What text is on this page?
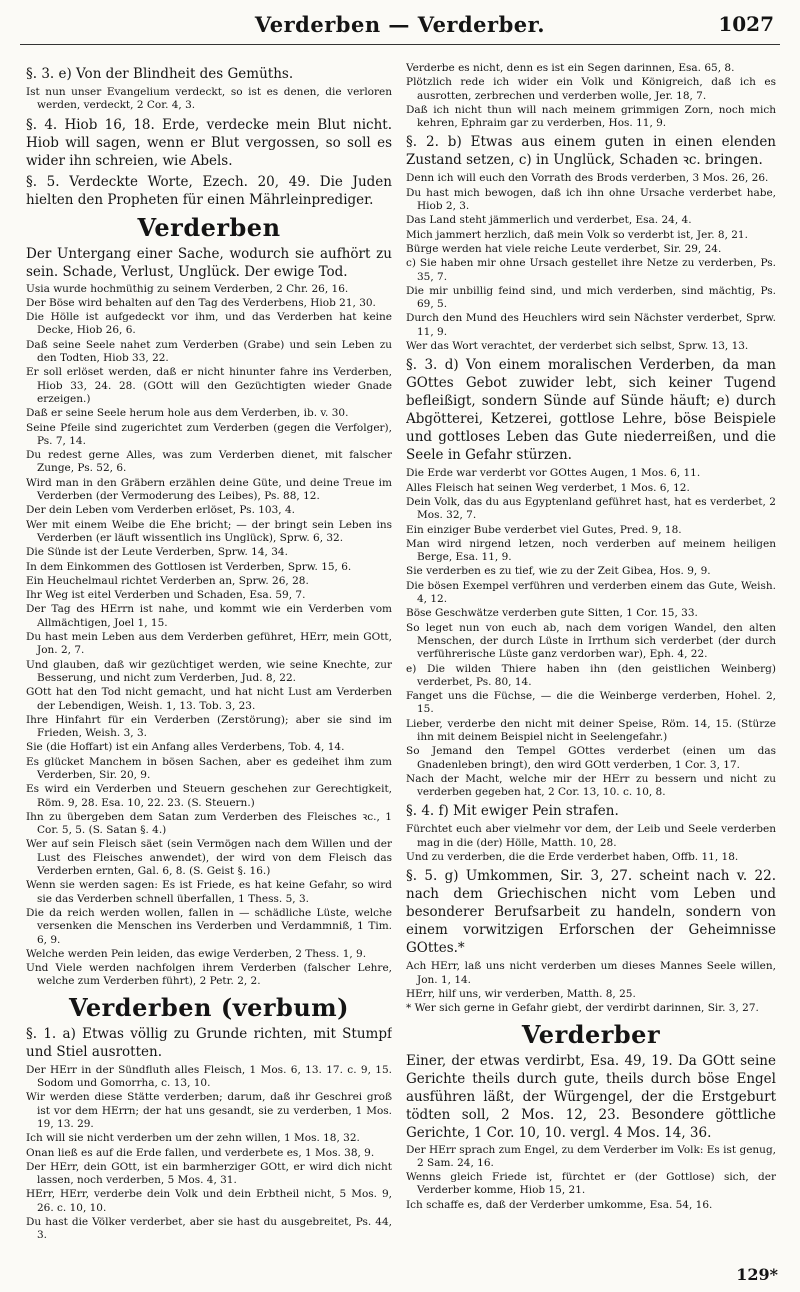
Verderben — Verderber.	1027
§. 3. e) Von der Blindheit des Gemüths.
Ist nun unser Evangelium verdeckt, so ist es denen, die verloren werden, verdeckt, 2 Cor. 4, 3.
§. 4. Hiob 16, 18. Erde, verdecke mein Blut nicht. Hiob will sagen, wenn er Blut vergossen, so soll es wider ihn schreien, wie Abels.
§. 5. Verdeckte Worte, Ezech. 20, 49. Die Juden hielten den Propheten für einen Mährleinprediger.
Verderben
Der Untergang einer Sache, wodurch sie aufhört zu sein. Schade, Verlust, Unglück. Der ewige Tod.
Usia wurde hochmüthig zu seinem Verderben, 2 Chr. 26, 16.
Der Böse wird behalten auf den Tag des Verderbens, Hiob 21, 30.
Die Hölle ist aufgedeckt vor ihm, und das Verderben hat keine Decke, Hiob 26, 6.
Daß seine Seele nahet zum Verderben (Grabe) und sein Leben zu den Todten, Hiob 33, 22.
Er soll erlöset werden, daß er nicht hinunter fahre ins Verderben, Hiob 33, 24. 28. (GOtt will den Gezüchtigten wieder Gnade erzeigen.)
Daß er seine Seele herum hole aus dem Verderben, ib. v. 30.
Seine Pfeile sind zugerichtet zum Verderben (gegen die Verfolger), Ps. 7, 14.
Du redest gerne Alles, was zum Verderben dienet, mit falscher Zunge, Ps. 52, 6.
Wird man in den Gräbern erzählen deine Güte, und deine Treue im Verderben (der Vermoderung des Leibes), Ps. 88, 12.
Der dein Leben vom Verderben erlöset, Ps. 103, 4.
Wer mit einem Weibe die Ehe bricht; — der bringt sein Leben ins Verderben (er läuft wissentlich ins Unglück), Sprw. 6, 32.
Die Sünde ist der Leute Verderben, Sprw. 14, 34.
In dem Einkommen des Gottlosen ist Verderben, Sprw. 15, 6.
Ein Heuchelmaul richtet Verderben an, Sprw. 26, 28.
Ihr Weg ist eitel Verderben und Schaden, Esa. 59, 7.
Der Tag des HErrn ist nahe, und kommt wie ein Verderben vom Allmächtigen, Joel 1, 15.
Du hast mein Leben aus dem Verderben geführet, HErr, mein GOtt, Jon. 2, 7.
Und glauben, daß wir gezüchtiget werden, wie seine Knechte, zur Besserung, und nicht zum Verderben, Jud. 8, 22.
GOtt hat den Tod nicht gemacht, und hat nicht Lust am Verderben der Lebendigen, Weish. 1, 13. Tob. 3, 23.
Ihre Hinfahrt für ein Verderben (Zerstörung); aber sie sind im Frieden, Weish. 3, 3.
Sie (die Hoffart) ist ein Anfang alles Verderbens, Tob. 4, 14.
Es glücket Manchem in bösen Sachen, aber es gedeihet ihm zum Verderben, Sir. 20, 9.
Es wird ein Verderben und Steuern geschehen zur Gerechtigkeit, Röm. 9, 28. Esa. 10, 22. 23. (S. Steuern.)
Ihn zu übergeben dem Satan zum Verderben des Fleisches ꝛc., 1 Cor. 5, 5. (S. Satan §. 4.)
Wer auf sein Fleisch säet (sein Vermögen nach dem Willen und der Lust des Fleisches anwendet), der wird von dem Fleisch das Verderben ernten, Gal. 6, 8. (S. Geist §. 16.)
Wenn sie werden sagen: Es ist Friede, es hat keine Gefahr, so wird sie das Verderben schnell überfallen, 1 Thess. 5, 3.
Die da reich werden wollen, fallen in — schädliche Lüste, welche versenken die Menschen ins Verderben und Verdammniß, 1 Tim. 6, 9.
Welche werden Pein leiden, das ewige Verderben, 2 Thess. 1, 9.
Und Viele werden nachfolgen ihrem Verderben (falscher Lehre, welche zum Verderben führt), 2 Petr. 2, 2.
Verderben (verbum)
§. 1. a) Etwas völlig zu Grunde richten, mit Stumpf und Stiel ausrotten.
Der HErr in der Sündfluth alles Fleisch, 1 Mos. 6, 13. 17. c. 9, 15. Sodom und Gomorrha, c. 13, 10.
Wir werden diese Stätte verderben; darum, daß ihr Geschrei groß ist vor dem HErrn; der hat uns gesandt, sie zu verderben, 1 Mos. 19, 13. 29.
Ich will sie nicht verderben um der zehn willen, 1 Mos. 18, 32.
Onan ließ es auf die Erde fallen, und verderbete es, 1 Mos. 38, 9.
Der HErr, dein GOtt, ist ein barmherziger GOtt, er wird dich nicht lassen, noch verderben, 5 Mos. 4, 31.
HErr, HErr, verderbe dein Volk und dein Erbtheil nicht, 5 Mos. 9, 26. c. 10, 10.
Du hast die Völker verderbet, aber sie hast du ausgebreitet, Ps. 44, 3.
Verderbe es nicht, denn es ist ein Segen darinnen, Esa. 65, 8.
Plötzlich rede ich wider ein Volk und Königreich, daß ich es ausrotten, zerbrechen und verderben wolle, Jer. 18, 7.
Daß ich nicht thun will nach meinem grimmigen Zorn, noch mich kehren, Ephraim gar zu verderben, Hos. 11, 9.
§. 2. b) Etwas aus einem guten in einen elenden Zustand setzen, c) in Unglück, Schaden ꝛc. bringen.
Denn ich will euch den Vorrath des Brods verderben, 3 Mos. 26, 26.
Du hast mich bewogen, daß ich ihn ohne Ursache verderbet habe, Hiob 2, 3.
Das Land steht jämmerlich und verderbet, Esa. 24, 4.
Mich jammert herzlich, daß mein Volk so verderbt ist, Jer. 8, 21.
Bürge werden hat viele reiche Leute verderbet, Sir. 29, 24.
c) Sie haben mir ohne Ursach gestellet ihre Netze zu verderben, Ps. 35, 7.
Die mir unbillig feind sind, und mich verderben, sind mächtig, Ps. 69, 5.
Durch den Mund des Heuchlers wird sein Nächster verderbet, Sprw. 11, 9.
Wer das Wort verachtet, der verderbet sich selbst, Sprw. 13, 13.
§. 3. d) Von einem moralischen Verderben, da man GOttes Gebot zuwider lebt, sich keiner Tugend befleißigt, sondern Sünde auf Sünde häuft; e) durch Abgötterei, Ketzerei, gottlose Lehre, böse Beispiele und gottloses Leben das Gute niederreißen, und die Seele in Gefahr stürzen.
Die Erde war verderbt vor GOttes Augen, 1 Mos. 6, 11.
Alles Fleisch hat seinen Weg verderbet, 1 Mos. 6, 12.
Dein Volk, das du aus Egyptenland geführet hast, hat es verderbet, 2 Mos. 32, 7.
Ein einziger Bube verderbet viel Gutes, Pred. 9, 18.
Man wird nirgend letzen, noch verderben auf meinem heiligen Berge, Esa. 11, 9.
Sie verderben es zu tief, wie zu der Zeit Gibea, Hos. 9, 9.
Die bösen Exempel verführen und verderben einem das Gute, Weish. 4, 12.
Böse Geschwätze verderben gute Sitten, 1 Cor. 15, 33.
So leget nun von euch ab, nach dem vorigen Wandel, den alten Menschen, der durch Lüste in Irrthum sich verderbet (der durch verführerische Lüste ganz verdorben war), Eph. 4, 22.
e) Die wilden Thiere haben ihn (den geistlichen Weinberg) verderbet, Ps. 80, 14.
Fanget uns die Füchse, — die die Weinberge verderben, Hohel. 2, 15.
Lieber, verderbe den nicht mit deiner Speise, Röm. 14, 15. (Stürze ihn mit deinem Beispiel nicht in Seelengefahr.)
So Jemand den Tempel GOttes verderbet (einen um das Gnadenleben bringt), den wird GOtt verderben, 1 Cor. 3, 17.
Nach der Macht, welche mir der HErr zu bessern und nicht zu verderben gegeben hat, 2 Cor. 13, 10. c. 10, 8.
§. 4. f) Mit ewiger Pein strafen.
Fürchtet euch aber vielmehr vor dem, der Leib und Seele verderben mag in die (der) Hölle, Matth. 10, 28.
Und zu verderben, die die Erde verderbet haben, Offb. 11, 18.
§. 5. g) Umkommen, Sir. 3, 27. scheint nach v. 22. nach dem Griechischen nicht vom Leben und besonderer Berufsarbeit zu handeln, sondern von einem vorwitzigen Erforschen der Geheimnisse GOttes.*
Ach HErr, laß uns nicht verderben um dieses Mannes Seele willen, Jon. 1, 14.
HErr, hilf uns, wir verderben, Matth. 8, 25.
* Wer sich gerne in Gefahr giebt, der verdirbt darinnen, Sir. 3, 27.
Verderber
Einer, der etwas verdirbt, Esa. 49, 19. Da GOtt seine Gerichte theils durch gute, theils durch böse Engel ausführen läßt, der Würgengel, der die Erstgeburt tödten soll, 2 Mos. 12, 23. Besondere göttliche Gerichte, 1 Cor. 10, 10. vergl. 4 Mos. 14, 36.
Der HErr sprach zum Engel, zu dem Verderber im Volk: Es ist genug, 2 Sam. 24, 16.
Wenns gleich Friede ist, fürchtet er (der Gottlose) sich, der Verderber komme, Hiob 15, 21.
Ich schaffe es, daß der Verderber umkomme, Esa. 54, 16.
129*
